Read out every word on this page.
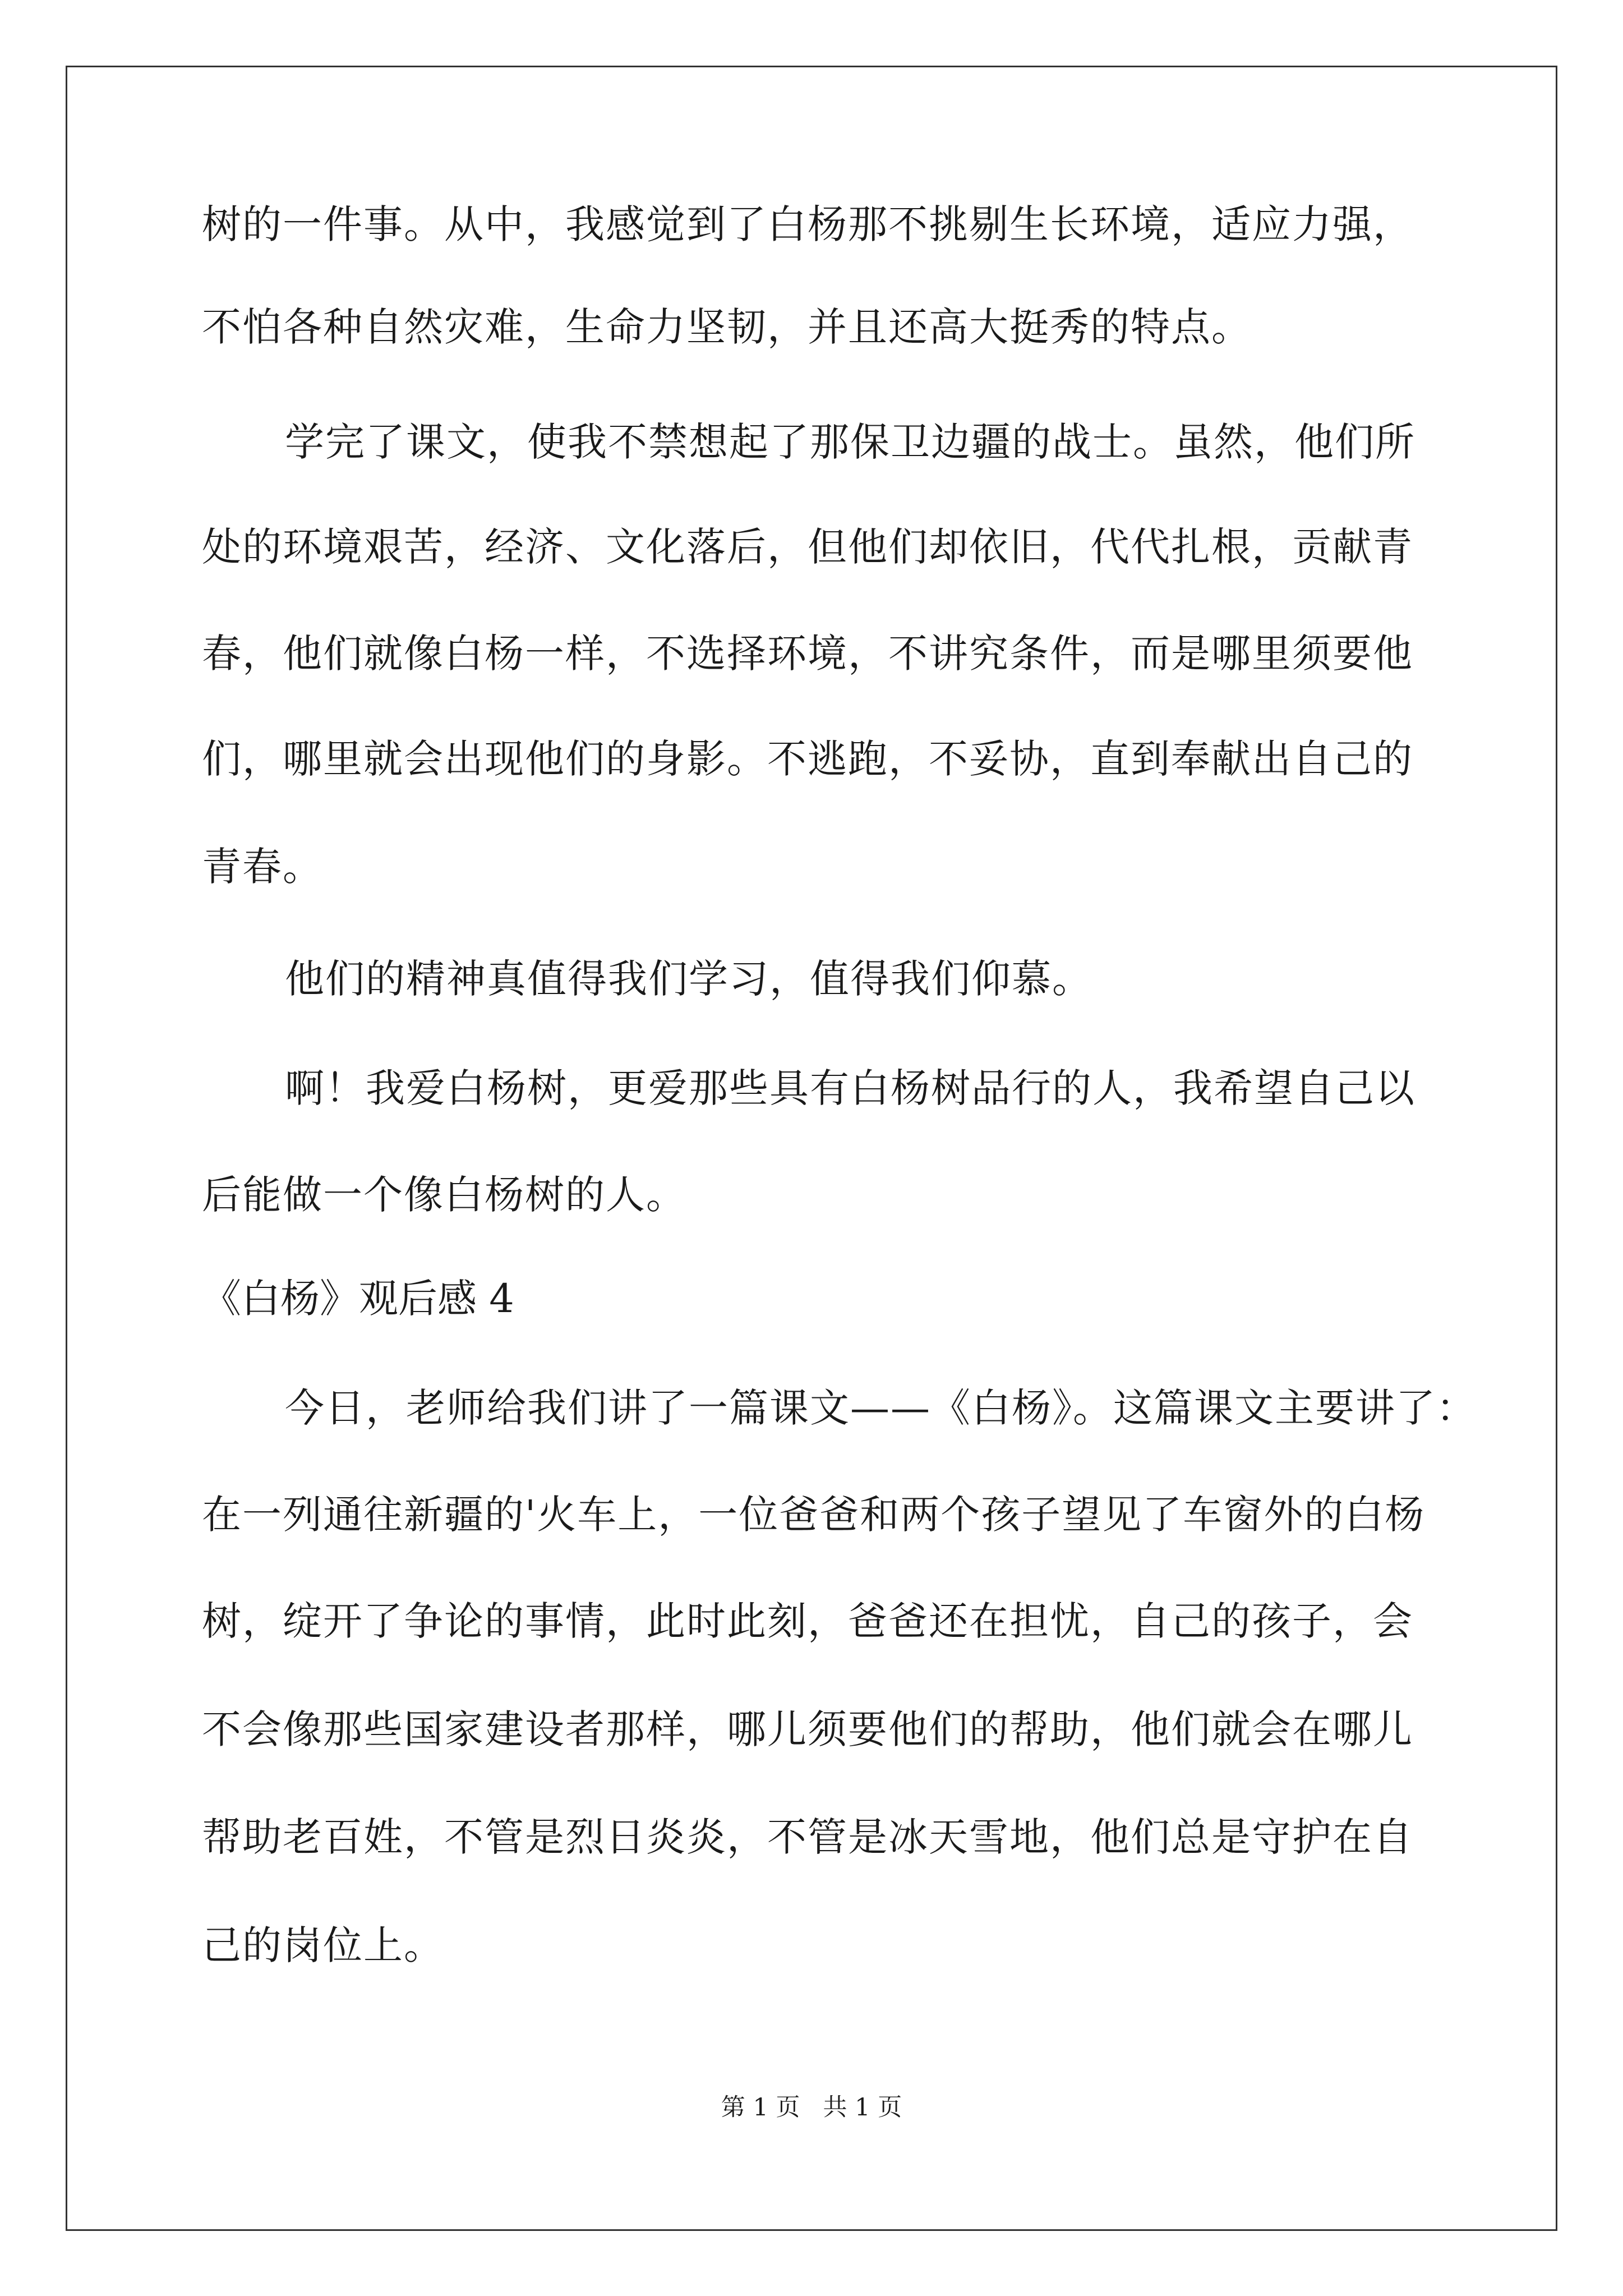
树的一件事。从中，我感觉到了白杨那不挑剔生长环境，适应力强，
不怕各种自然灾难，生命力坚韧，并且还高大挺秀的特点。
学完了课文，使我不禁想起了那保卫边疆的战士。虽然，他们所
处的环境艰苦，经济、文化落后，但他们却依旧，代代扎根，贡献青
春，他们就像白杨一样，不选择环境，不讲究条件，而是哪里须要他
们，哪里就会出现他们的身影。不逃跑，不妥协，直到奉献出自己的
青春。
他们的精神真值得我们学习，值得我们仰慕。
啊！我爱白杨树，更爱那些具有白杨树品行的人，我希望自己以
后能做一个像白杨树的人。
《白杨》观后感 4
今日，老师给我们讲了一篇课文——《白杨》。这篇课文主要讲了：
在一列通往新疆的'火车上，一位爸爸和两个孩子望见了车窗外的白杨
树，绽开了争论的事情，此时此刻，爸爸还在担忧，自己的孩子，会
不会像那些国家建设者那样，哪儿须要他们的帮助，他们就会在哪儿
帮助老百姓，不管是烈日炎炎，不管是冰天雪地，他们总是守护在自
己的岗位上。
第 1 页   共 1 页
